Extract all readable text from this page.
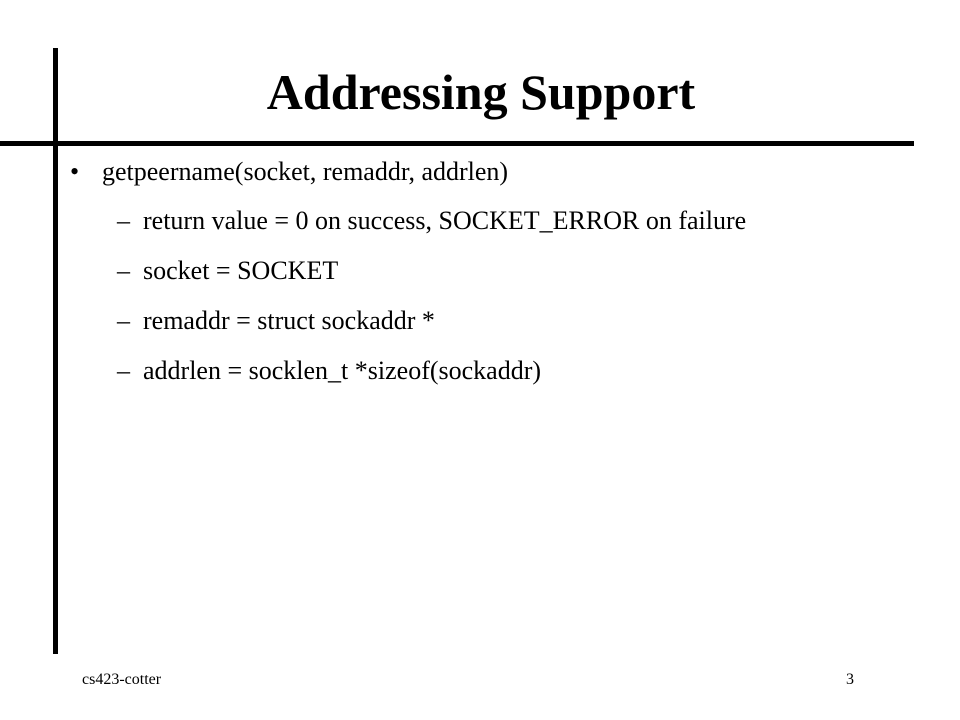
Addressing Support
• getpeername(socket, remaddr, addrlen)
– return value = 0 on success, SOCKET_ERROR on failure
– socket = SOCKET
– remaddr = struct sockaddr *
– addrlen = socklen_t *sizeof(sockaddr)
cs423-cotter	3
